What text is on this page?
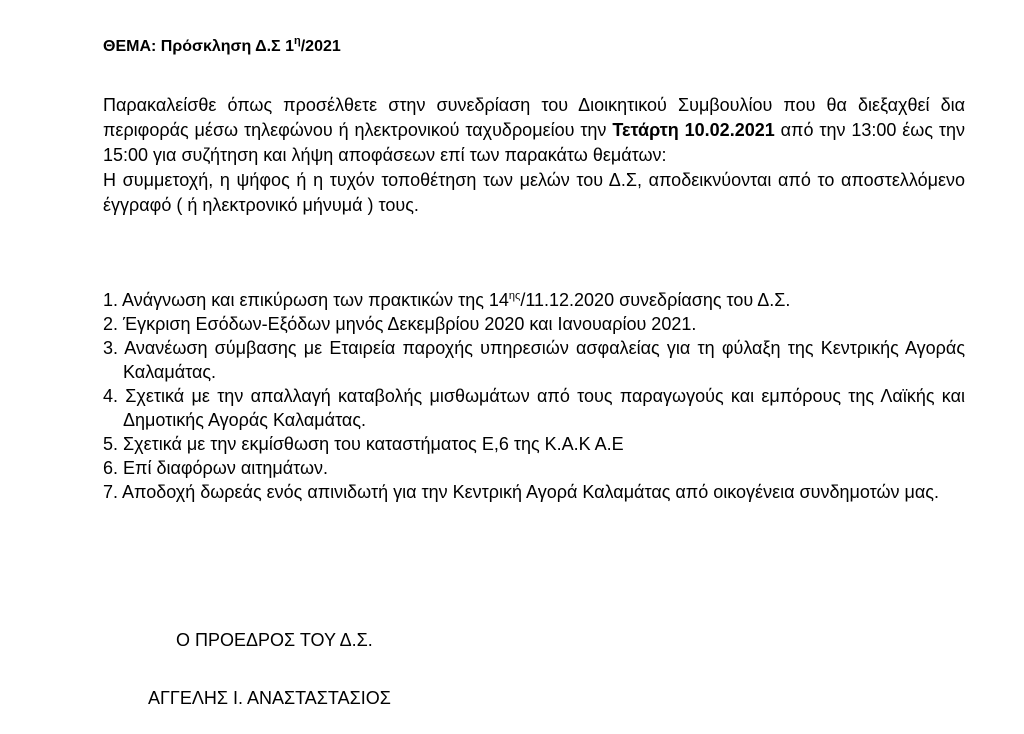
ΘΕΜΑ: Πρόσκληση Δ.Σ $1^\eta/2021$

Παρακαλείσθε όπως προσέλθετε στην συνεδρίαση του Διοικητικού Συμβουλίου που θα διεξαχθεί δια περιφοράς μέσω τηλεφώνου ή ηλεκτρονικού ταχυδρομείου την Τετάρτη 10.02.2021 από την 13:00 έως την 15:00 για συζήτηση και λήψη αποφάσεων επί των παρακάτω θεμάτων:

Η συμμετοχή, η ψήφος ή η τυχόν τοποθέτηση των μελών του Δ.Σ, αποδεικνύονται από το αποστελλόμενο έγγραφό ( ή ηλεκτρονικό μήνυμά ) τους.

1. Ανάγνωση και επικύρωση των πρακτικών της $14^{\eta\varsigma}/11.12.2020$ συνεδρίασης του Δ.Σ.
2. Έγκριση Εσόδων-Εξόδων μηνός Δεκεμβρίου 2020 και Ιανουαρίου 2021.
3. Ανανέωση σύμβασης με Εταιρεία παροχής υπηρεσιών ασφαλείας για τη φύλαξη της Κεντρικής Αγοράς Καλαμάτας.
4. Σχετικά με την απαλλαγή καταβολής μισθωμάτων από τους παραγωγούς και εμπόρους της Λαϊκής και Δημοτικής Αγοράς Καλαμάτας.
5. Σχετικά με την εκμίσθωση του καταστήματος Ε,6 της Κ.Α.Κ Α.Ε
6. Επί διαφόρων αιτημάτων.
7. Αποδοχή δωρεάς ενός απινιδωτή για την Κεντρική Αγορά Καλαμάτας από οικογένεια συνδημοτών μας.
Ο ΠΡΟΕΔΡΟΣ ΤΟΥ Δ.Σ.
ΑΓΓΕΛΗΣ Ι. ΑΝΑΣΤΑΣΤΑΣΙΟΣ
